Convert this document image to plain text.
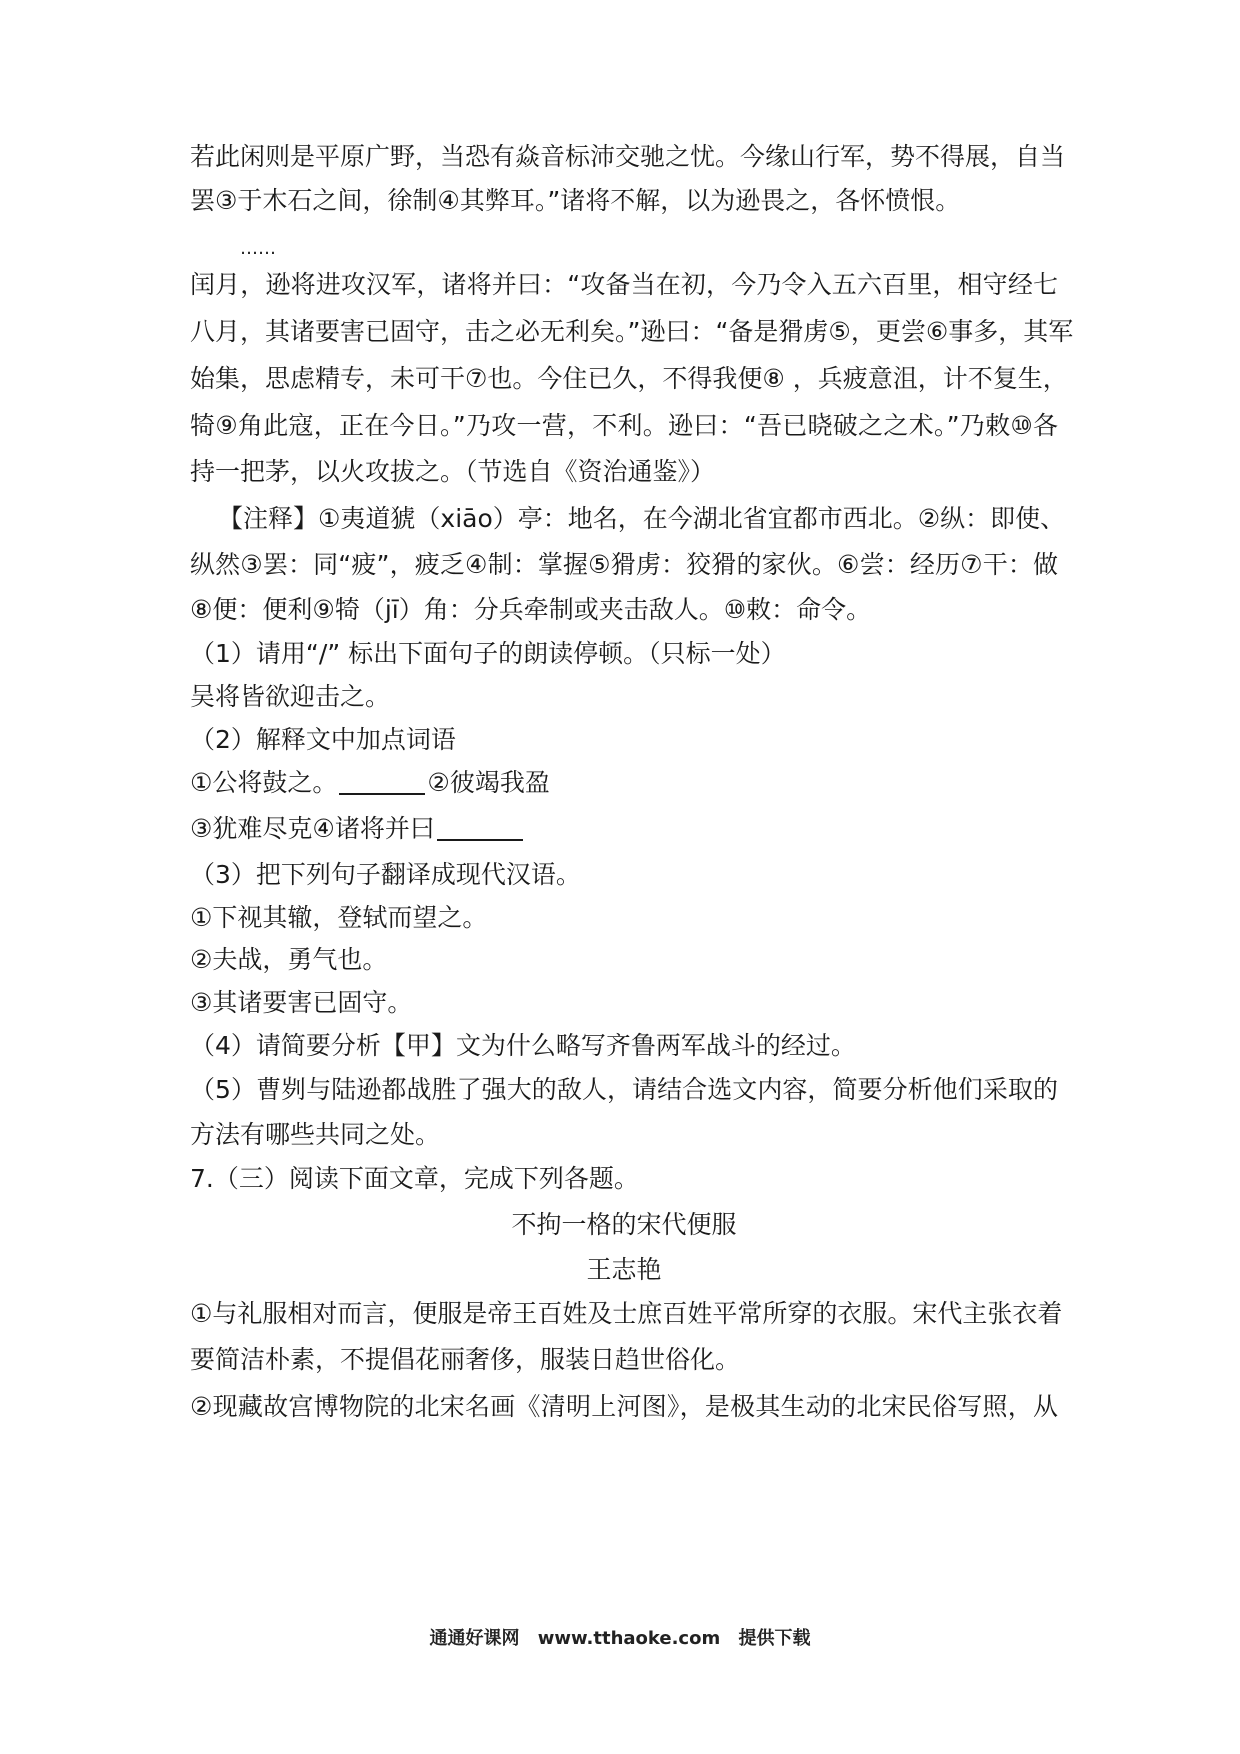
若此闲则是平原广野，当恐有焱音标沛交驰之忧。今缘山行军，势不得展，自当
罢③于木石之间，徐制④其弊耳。”诸将不解，以为逊畏之，各怀愤恨。
……
闰月，逊将进攻汉军，诸将并曰：“攻备当在初，今乃令入五六百里，相守经七
八月，其诸要害已固守，击之必无利矣。”逊曰：“备是猾虏⑤，更尝⑥事多，其军
始集，思虑精专，未可干⑦也。今住已久，不得我便⑧ ，兵疲意沮，计不复生，
犄⑨角此寇，正在今日。”乃攻一营，不利。逊曰：“吾已晓破之之术。”乃敕⑩各
持一把茅，以火攻拔之。（节选自《资治通鉴》）
【注释】①夷道猇（xiāo）亭：地名，在今湖北省宜都市西北。②纵：即使、
纵然③罢：同“疲”，疲乏④制：掌握⑤猾虏：狡猾的家伙。⑥尝：经历⑦干：做
⑧便：便利⑨犄（jī）角：分兵牵制或夹击敌人。⑩敕：命令。
（1）请用“/” 标出下面句子的朗读停顿。（只标一处）
吴将皆欲迎击之。
（2）解释文中加点词语
①公将鼓之。	②彼竭我盈
③犹难尽克④诸将并曰
（3）把下列句子翻译成现代汉语。
①下视其辙，登轼而望之。
②夫战，勇气也。
③其诸要害已固守。
（4）请简要分析【甲】文为什么略写齐鲁两军战斗的经过。
（5）曹刿与陆逊都战胜了强大的敌人，请结合选文内容，简要分析他们采取的
方法有哪些共同之处。
7.（三）阅读下面文章，完成下列各题。
不拘一格的宋代便服
王志艳
①与礼服相对而言，便服是帝王百姓及士庶百姓平常所穿的衣服。宋代主张衣着
要简洁朴素，不提倡花丽奢侈，服装日趋世俗化。
②现藏故宫博物院的北宋名画《清明上河图》，是极其生动的北宋民俗写照，从
通通好课网 www.tthaoke.com 提供下载
